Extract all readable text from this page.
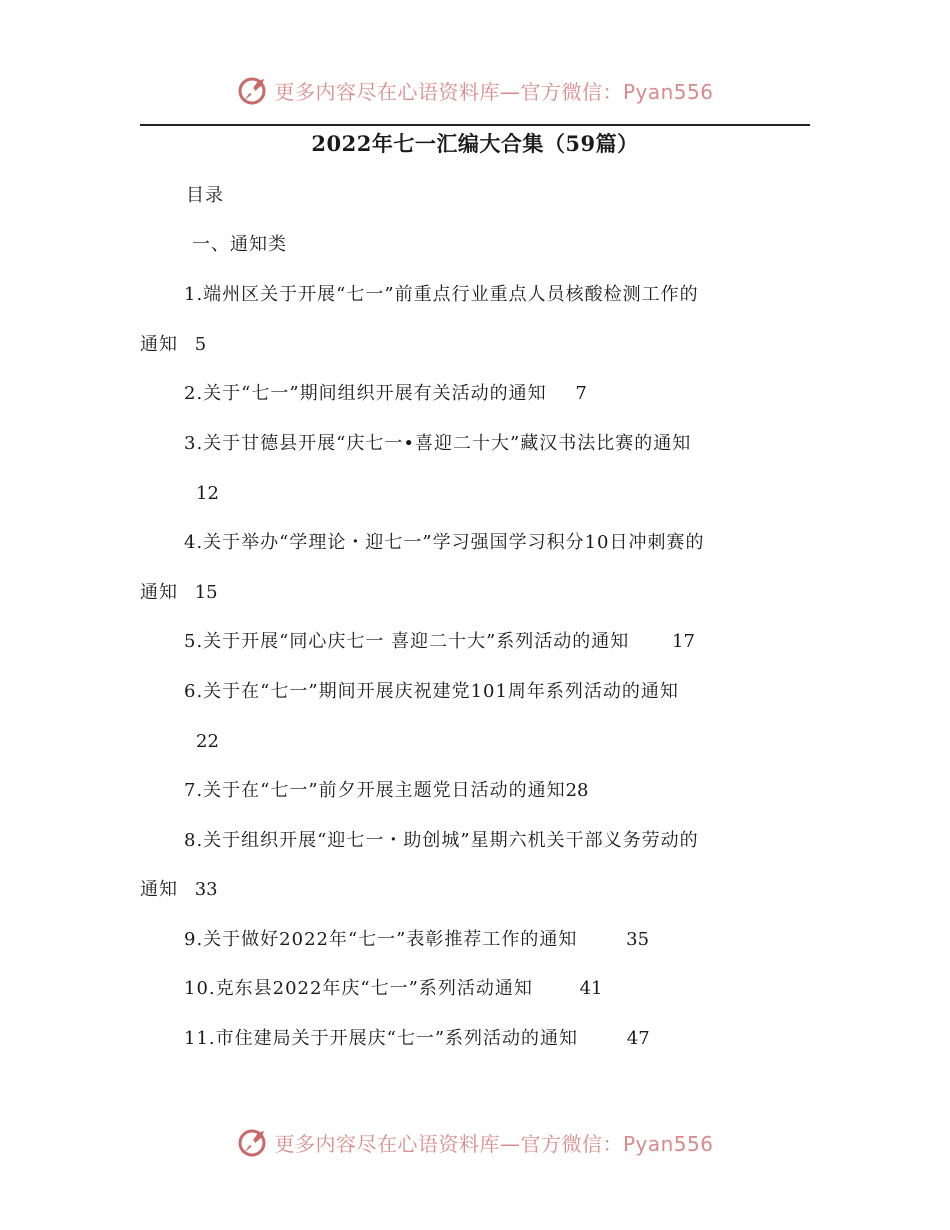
更多内容尽在心语资料库—官方微信：Pyan556
2022年七一汇编大合集（59篇）
目录
一、通知类
1.端州区关于开展“七一”前重点行业重点人员核酸检测工作的
通知 5
2.关于“七一”期间组织开展有关活动的通知 7
3.关于甘德县开展“庆七一•喜迎二十大”藏汉书法比赛的通知
12
4.关于举办“学理论・迎七一”学习强国学习积分10日冲刺赛的
通知 15
5.关于开展“同心庆七一 喜迎二十大”系列活动的通知 17
6.关于在“七一”期间开展庆祝建党101周年系列活动的通知
22
7.关于在“七一”前夕开展主题党日活动的通知28
8.关于组织开展“迎七一・助创城”星期六机关干部义务劳动的
通知 33
9.关于做好2022年“七一”表彰推荐工作的通知	35
10.克东县2022年庆“七一”系列活动通知	41
11.市住建局关于开展庆“七一”系列活动的通知	47
更多内容尽在心语资料库—官方微信：Pyan556
